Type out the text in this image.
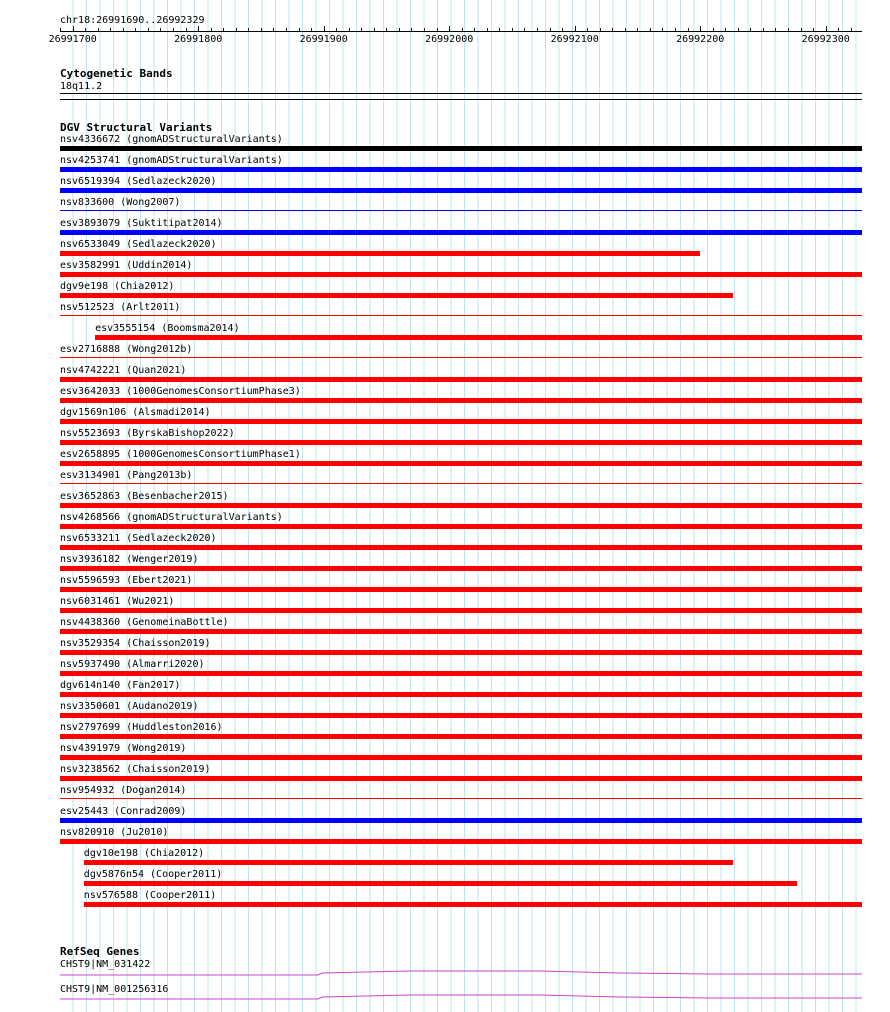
chr18:26991690..26992329
26991700	26991800	26991900	26992000	26992100	26992200	26992300
Cytogenetic Bands
18q11.2
DGV Structural Variants
nsv4336672 (gnomADStructuralVariants)
nsv4253741 (gnomADStructuralVariants)
nsv6519394 (Sedlazeck2020)
nsv833600 (Wong2007)
esv3893079 (Suktitipat2014)
nsv6533049 (Sedlazeck2020)
esv3582991 (Uddin2014)
dgv9e198 (Chia2012)
nsv512523 (Arlt2011)
esv3555154 (Boomsma2014)
esv2716888 (Wong2012b)
nsv4742221 (Quan2021)
esv3642033 (1000GenomesConsortiumPhase3)
dgv1569n106 (Alsmadi2014)
nsv5523693 (ByrskaBishop2022)
esv2658895 (1000GenomesConsortiumPhase1)
esv3134901 (Pang2013b)
esv3652863 (Besenbacher2015)
nsv4268566 (gnomADStructuralVariants)
nsv6533211 (Sedlazeck2020)
nsv3936182 (Wenger2019)
nsv5596593 (Ebert2021)
nsv6031461 (Wu2021)
nsv4438360 (GenomeinaBottle)
nsv3529354 (Chaisson2019)
nsv5937490 (Almarri2020)
dgv614n140 (Fan2017)
nsv3350601 (Audano2019)
nsv2797699 (Huddleston2016)
nsv4391979 (Wong2019)
nsv3238562 (Chaisson2019)
nsv954932 (Dogan2014)
esv25443 (Conrad2009)
nsv820910 (Ju2010)
dgv10e198 (Chia2012)
dgv5876n54 (Cooper2011)
nsv576588 (Cooper2011)
RefSeq Genes
CHST9|NM_031422
CHST9|NM_001256316
